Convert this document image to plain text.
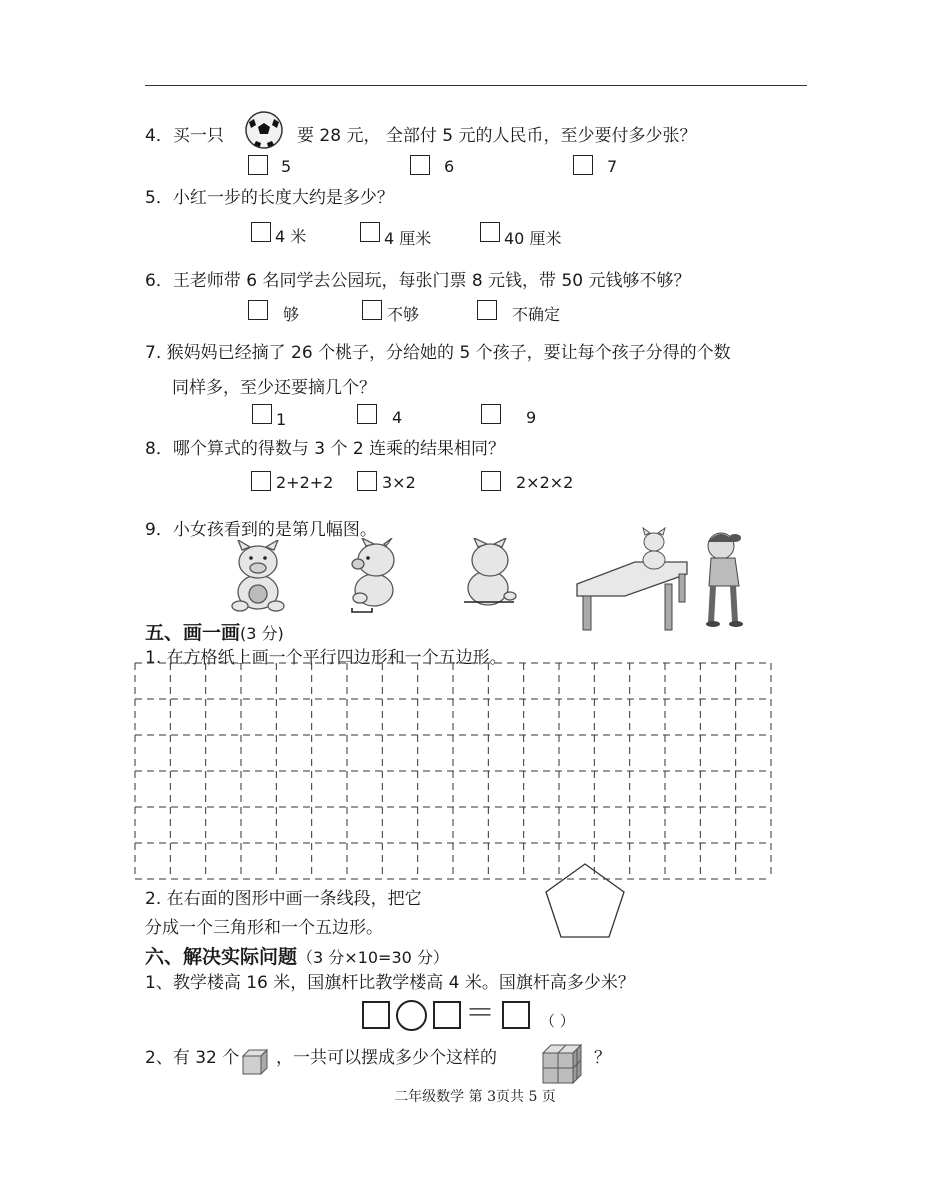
4．买一只	要 28 元， 全部付 5 元的人民币，至少要付多少张？
5	6	7
5．小红一步的长度大约是多少？
4 米	4 厘米	40 厘米
6．王老师带 6 名同学去公园玩，每张门票 8 元钱，带 50 元钱够不够？
够	不够	不确定
7. 猴妈妈已经摘了 26 个桃子，分给她的 5 个孩子，要让每个孩子分得的个数
同样多，至少还要摘几个？
1	4	9
8．哪个算式的得数与 3 个 2 连乘的结果相同？
2+2+2	3×2	2×2×2
9．小女孩看到的是第几幅图。
五、画一画(3 分)
1. 在方格纸上画一个平行四边形和一个五边形。
2. 在右面的图形中画一条线段，把它
分成一个三角形和一个五边形。
六、解决实际问题（3 分×10=30 分）
1、教学楼高 16 米，国旗杆比教学楼高 4 米。国旗杆高多少米？
＝	（ ）
2、有 32 个 ，一共可以摆成多少个这样的	？
二年级数学 第 3页共 5 页
